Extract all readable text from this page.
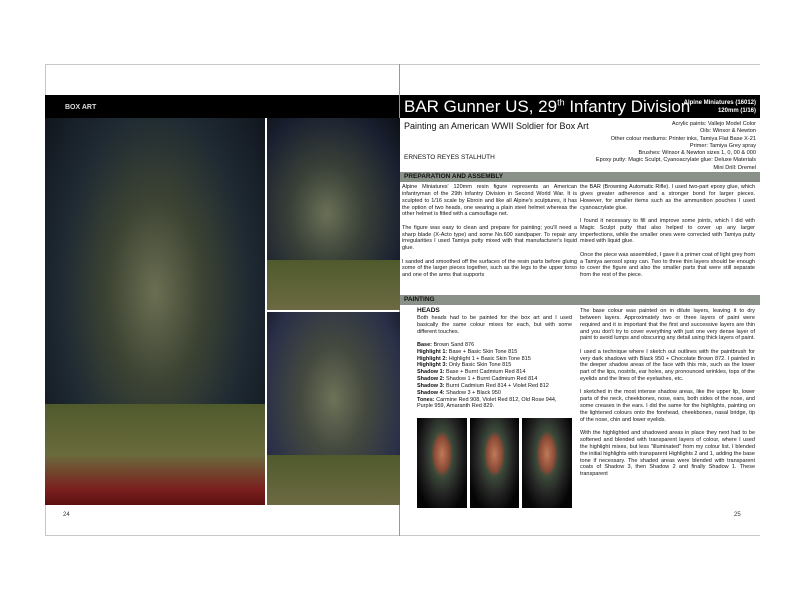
BOX ART
24
BAR Gunner US, 29th Infantry Division
Alpine Miniatures (16012)
120mm (1/16)
Painting an American WWII Soldier for Box Art	Acrylic paints: Vallejo Model Color
Oils: Winsor & Newton
Other colour mediums: Printer inks, Tamiya Flat Base X-21
Primer: Tamiya Grey spray
Brushes: Winsor & Newton sizes 1, 0, 00 & 000
Epoxy putty: Magic Sculpt, Cyanoacrylate glue: Deluxe Materials
Mini Drill: Dremel
ERNESTO REYES STALHUTH
PREPARATION AND ASSEMBLY

Alpine Miniatures' 120mm resin figure represents an American infantryman of the 29th Infantry Division in Second World War. It is sculpted to 1/16 scale by Ebroin and like all Alpine's sculptures, it has the option of two heads, one wearing a plain steel helmet whereas the other helmet is fitted with a camouflage net.

The figure was easy to clean and prepare for painting; you'll need a sharp blade (X-Acto type) and some No.600 sandpaper. To repair any irregularities I used Tamiya putty mixed with that manufacturer's liquid glue.

I sanded and smoothed off the surfaces of the resin parts before gluing some of the larger pieces together, such as the legs to the upper torso and one of the arms that supports

the BAR (Browning Automatic Rifle). I used two-part epoxy glue, which gives greater adherence and a stronger bond for larger pieces. However, for smaller items such as the ammunition pouches I used cyanoacrylate glue.

I found it necessary to fill and improve some joints, which I did with Magic Sculpt putty that also helped to cover up any larger imperfections, while the smaller ones were corrected with Tamiya putty mixed with liquid glue.

Once the piece was assembled, I gave it a primer coat of light grey from a Tamiya aerosol spray can. Two to three thin layers should be enough to cover the figure and also the smaller parts that were still separate from the rest of the piece.

PAINTING
HEADS

Both heads had to be painted for the box art and I used basically the same colour mixes for each, but with some different touches.

Base: Brown Sand 876
Highlight 1: Base + Basic Skin Tone 815
Highlight 2: Highlight 1 + Basic Skin Tone 815
Highlight 3: Only Basic Skin Tone 815
Shadow 1: Base + Burnt Cadmium Red 814
Shadow 2: Shadow 1 + Burnt Cadmium Red 814
Shadow 3: Burnt Cadmium Red 814 + Violet Red 812
Shadow 4: Shadow 3 + Black 950
Tones: Carmine Red 908, Violet Red 812, Old Rose 944, Purple 959, Amaranth Red 829.

The base colour was painted on in dilute layers, leaving it to dry between layers. Approximately two or three layers of paint were required and it is important that the first and successive layers are thin and you don't try to cover everything with just one very dense layer of paint to avoid lumps and obscuring any detail using thick layers of paint.

I used a technique where I sketch out outlines with the paintbrush for very dark shadows with Black 950 + Chocolate Brown 872. I painted in the deeper shadow areas of the face with this mix, such as the lower part of the lips, nostrils, ear holes, any pronounced wrinkles, tops of the eyelids and the lines of the eyelashes, etc.

I sketched in the most intense shadow areas, like the upper lip, lower parts of the neck, cheekbones, nose, ears, both sides of the nose, and some creases in the ears. I did the same for the highlights, painting on the lightened colours onto the forehead, cheekbones, nasal bridge, tip of the nose, chin and lower eyelids.

With the highlighted and shadowed areas in place they next had to be softened and blended with transparent layers of colour, where I used the highlight mixes, but less "illuminated" from my colour list. I blended the initial highlights with transparent Highlights 2 and 1, adding the base tone if necessary. The shaded areas were blended with transparent coats of Shadow 3, then Shadow 2 and finally Shadow 1. These transparent

25
